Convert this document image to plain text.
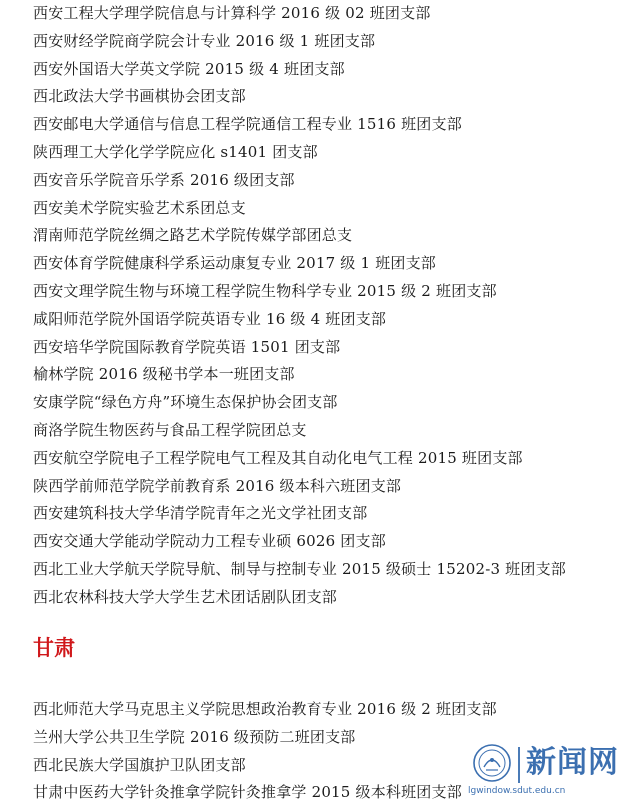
西安工程大学理学院信息与计算科学 2016 级 02 班团支部
西安财经学院商学院会计专业 2016 级 1 班团支部
西安外国语大学英文学院 2015 级 4 班团支部
西北政法大学书画棋协会团支部
西安邮电大学通信与信息工程学院通信工程专业 1516 班团支部
陕西理工大学化学学院应化 s1401 团支部
西安音乐学院音乐学系 2016 级团支部
西安美术学院实验艺术系团总支
渭南师范学院丝绸之路艺术学院传媒学部团总支
西安体育学院健康科学系运动康复专业 2017 级 1 班团支部
西安文理学院生物与环境工程学院生物科学专业 2015 级 2 班团支部
咸阳师范学院外国语学院英语专业 16 级 4 班团支部
西安培华学院国际教育学院英语 1501 团支部
榆林学院 2016 级秘书学本一班团支部
安康学院“绿色方舟”环境生态保护协会团支部
商洛学院生物医药与食品工程学院团总支
西安航空学院电子工程学院电气工程及其自动化电气工程 2015 班团支部
陕西学前师范学院学前教育系 2016 级本科六班团支部
西安建筑科技大学华清学院青年之光文学社团支部
西安交通大学能动学院动力工程专业硕 6026 团支部
西北工业大学航天学院导航、制导与控制专业 2015 级硕士 15202-3 班团支部
西北农林科技大学大学生艺术团话剧队团支部
甘肃
西北师范大学马克思主义学院思想政治教育专业 2016 级 2 班团支部
兰州大学公共卫生学院 2016 级预防二班团支部
西北民族大学国旗护卫队团支部
甘肃中医药大学针灸推拿学院针灸推拿学 2015 级本科班团支部
新闻网
lgwindow.sdut.edu.cn
